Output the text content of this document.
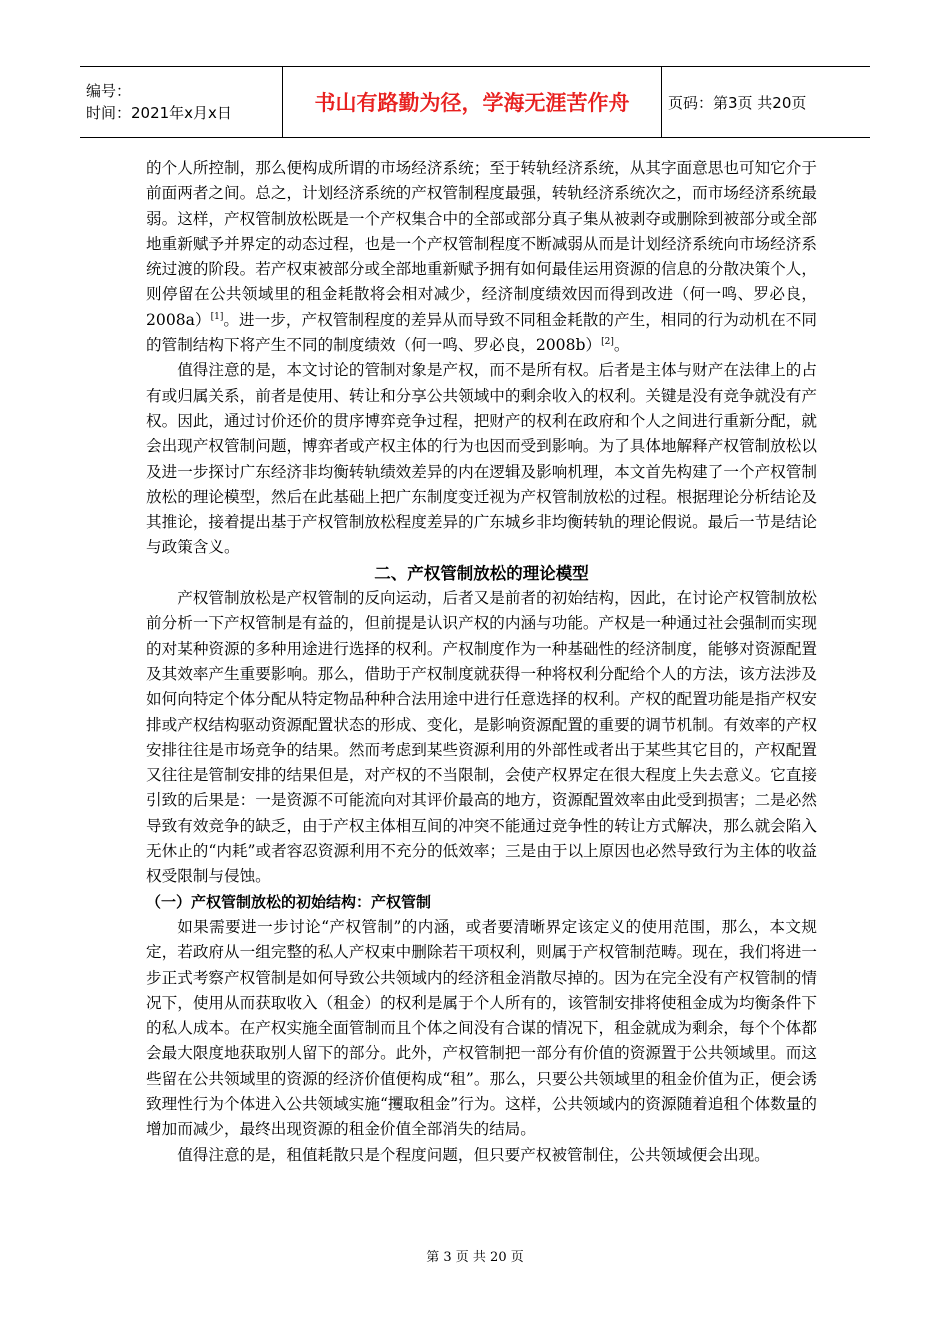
编号：
时间：2021年x月x日	书山有路勤为径，学海无涯苦作舟	页码：第3页 共20页

的个人所控制，那么便构成所谓的市场经济系统；至于转轨经济系统，从其字面意思也可知它介于前面两者之间。总之，计划经济系统的产权管制程度最强，转轨经济系统次之，而市场经济系统最弱。这样，产权管制放松既是一个产权集合中的全部或部分真子集从被剥夺或删除到被部分或全部地重新赋予并界定的动态过程，也是一个产权管制程度不断减弱从而是计划经济系统向市场经济系统过渡的阶段。若产权束被部分或全部地重新赋予拥有如何最佳运用资源的信息的分散决策个人，则停留在公共领域里的租金耗散将会相对减少，经济制度绩效因而得到改进（何一鸣、罗必良，2008a）[1]。进一步，产权管制程度的差异从而导致不同租金耗散的产生，相同的行为动机在不同的管制结构下将产生不同的制度绩效（何一鸣、罗必良，2008b）[2]。

值得注意的是，本文讨论的管制对象是产权，而不是所有权。后者是主体与财产在法律上的占有或归属关系，前者是使用、转让和分享公共领域中的剩余收入的权利。关键是没有竞争就没有产权。因此，通过讨价还价的贯序博弈竞争过程，把财产的权利在政府和个人之间进行重新分配，就会出现产权管制问题，博弈者或产权主体的行为也因而受到影响。为了具体地解释产权管制放松以及进一步探讨广东经济非均衡转轨绩效差异的内在逻辑及影响机理，本文首先构建了一个产权管制放松的理论模型，然后在此基础上把广东制度变迁视为产权管制放松的过程。根据理论分析结论及其推论，接着提出基于产权管制放松程度差异的广东城乡非均衡转轨的理论假说。最后一节是结论与政策含义。

二、产权管制放松的理论模型

产权管制放松是产权管制的反向运动，后者又是前者的初始结构，因此，在讨论产权管制放松前分析一下产权管制是有益的，但前提是认识产权的内涵与功能。产权是一种通过社会强制而实现的对某种资源的多种用途进行选择的权利。产权制度作为一种基础性的经济制度，能够对资源配置及其效率产生重要影响。那么，借助于产权制度就获得一种将权利分配给个人的方法，该方法涉及如何向特定个体分配从特定物品种种合法用途中进行任意选择的权利。产权的配置功能是指产权安排或产权结构驱动资源配置状态的形成、变化，是影响资源配置的重要的调节机制。有效率的产权安排往往是市场竞争的结果。然而考虑到某些资源利用的外部性或者出于某些其它目的，产权配置又往往是管制安排的结果但是，对产权的不当限制，会使产权界定在很大程度上失去意义。它直接引致的后果是：一是资源不可能流向对其评价最高的地方，资源配置效率由此受到损害；二是必然导致有效竞争的缺乏，由于产权主体相互间的冲突不能通过竞争性的转让方式解决，那么就会陷入无休止的“内耗”或者容忍资源利用不充分的低效率；三是由于以上原因也必然导致行为主体的收益权受限制与侵蚀。

（一）产权管制放松的初始结构：产权管制

如果需要进一步讨论“产权管制”的内涵，或者要清晰界定该定义的使用范围，那么，本文规定，若政府从一组完整的私人产权束中删除若干项权利，则属于产权管制范畴。现在，我们将进一步正式考察产权管制是如何导致公共领域内的经济租金消散尽掉的。因为在完全没有产权管制的情况下，使用从而获取收入（租金）的权利是属于个人所有的，该管制安排将使租金成为均衡条件下的私人成本。在产权实施全面管制而且个体之间没有合谋的情况下，租金就成为剩余，每个个体都会最大限度地获取别人留下的部分。此外，产权管制把一部分有价值的资源置于公共领域里。而这些留在公共领域里的资源的经济价值便构成“租”。那么，只要公共领域里的租金价值为正，便会诱致理性行为个体进入公共领域实施“攫取租金”行为。这样，公共领域内的资源随着追租个体数量的增加而减少，最终出现资源的租金价值全部消失的结局。

值得注意的是，租值耗散只是个程度问题，但只要产权被管制住，公共领域便会出现。

第 3 页 共 20 页
